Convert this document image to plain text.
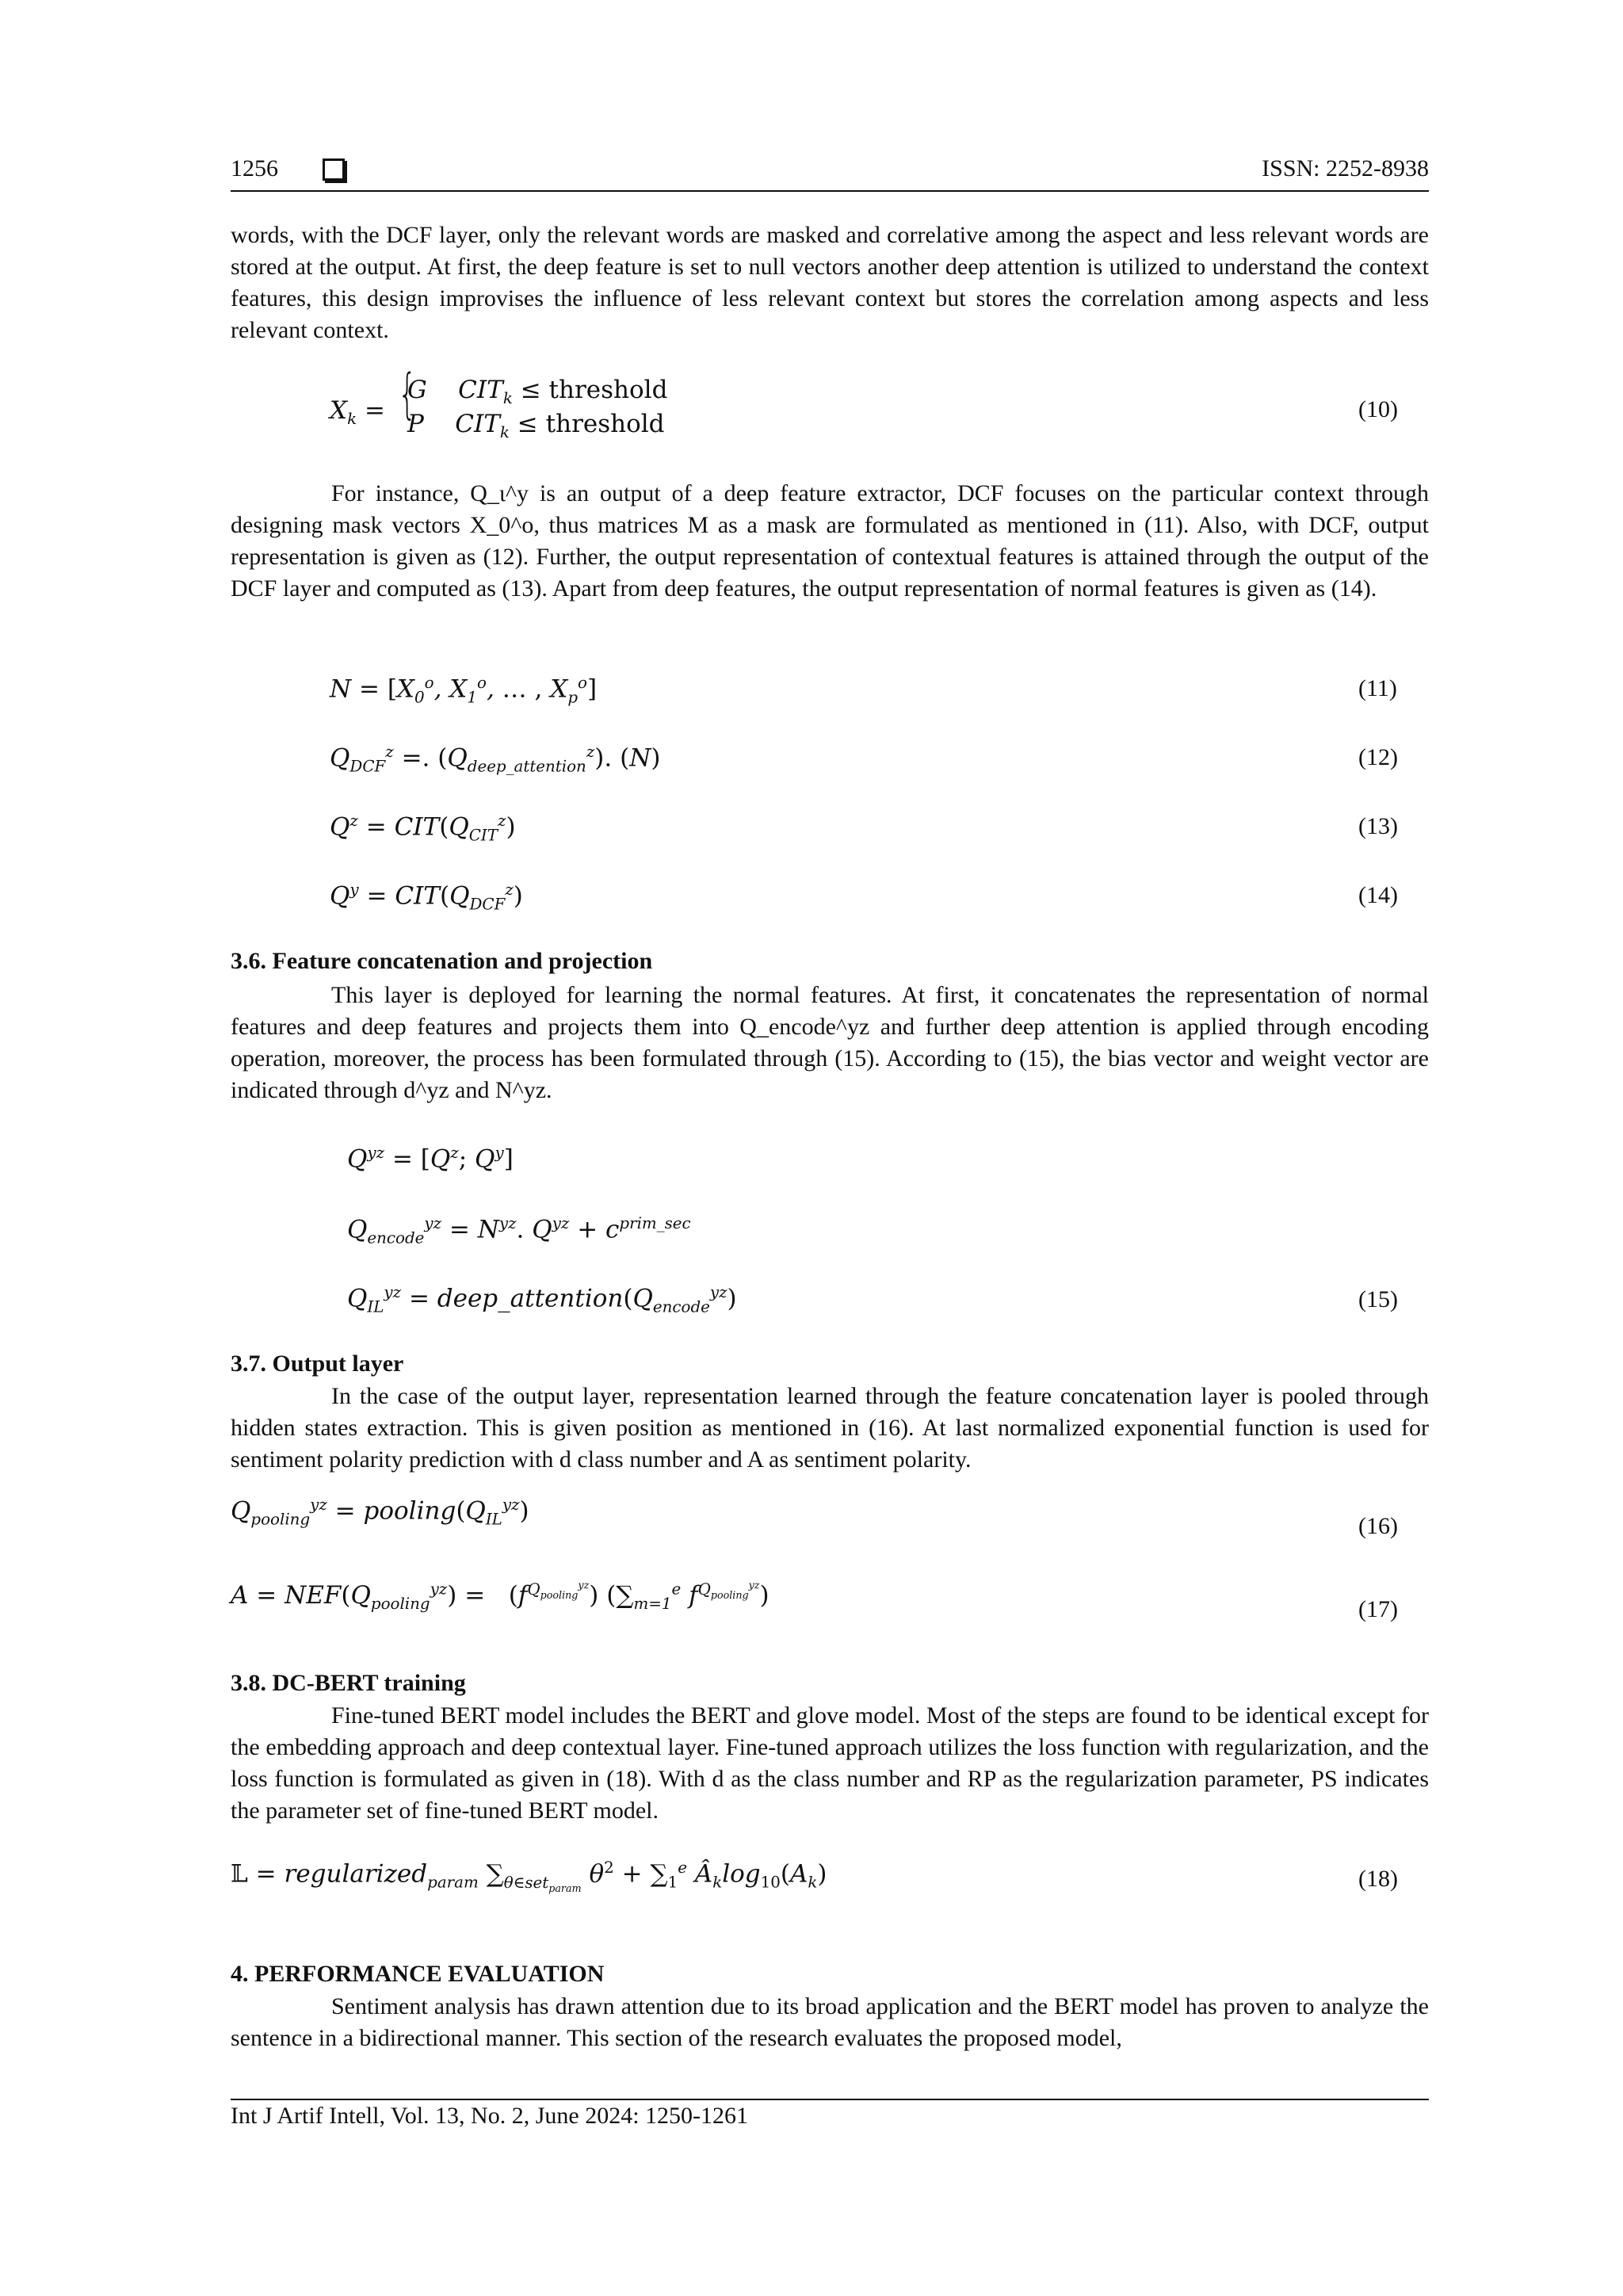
1256	ISSN: 2252-8938

words, with the DCF layer, only the relevant words are masked and correlative among the aspect and less relevant words are stored at the output. At first, the deep feature is set to null vectors another deep attention is utilized to understand the context features, this design improvises the influence of less relevant context but stores the correlation among aspects and less relevant context.

$X_k$ = {
G    $CIT_k$ ≤ threshold
P    $CIT_k$ ≤ threshold
(10)

For instance, Q_ι^y is an output of a deep feature extractor, DCF focuses on the particular context through designing mask vectors X_0^o, thus matrices M as a mask are formulated as mentioned in (11). Also, with DCF, output representation is given as (12). Further, the output representation of contextual features is attained through the output of the DCF layer and computed as (13). Apart from deep features, the output representation of normal features is given as (14).

$N = [X_0^o$, $X_1^o$, … , $X_p^o$]	(11)
$Q_{DCF}^z$ =. $(Q_{deep\_attention}^z)$. (N)	(12)
$Q^z = CIT(Q_{CIT}^z)$	(13)
$Q^y = CIT(Q_{DCF}^z)$	(14)
3.6. Feature concatenation and projection

This layer is deployed for learning the normal features. At first, it concatenates the representation of normal features and deep features and projects them into Q_encode^yz and further deep attention is applied through encoding operation, moreover, the process has been formulated through (15). According to (15), the bias vector and weight vector are indicated through d^yz and N^yz.

$Q^{yz} = [Q^z$; $Q^y$]
$Q_{encode}^{yz} = N^{yz}$. $Q^{yz} + c^{prim\_sec}$
$Q_{IL}^{yz}$ = $deep\_attention(Q_{encode}^{yz})$	(15)
3.7. Output layer

In the case of the output layer, representation learned through the feature concatenation layer is pooled through hidden states extraction. This is given position as mentioned in (16). At last normalized exponential function is used for sentiment polarity prediction with d class number and A as sentiment polarity.

$Q_{pooling}^{yz}$ = $pooling(Q_{IL}^{yz})$
(16)
$A = NEF(Q_{pooling}^{yz}) = (f^{Q_{pooling}^{yz}})$ ($\sum_{m=1}^e$ $f^{Q_{pooling}^{yz}}$)	(17)
3.8. DC-BERT training

Fine-tuned BERT model includes the BERT and glove model. Most of the steps are found to be identical except for the embedding approach and deep contextual layer. Fine-tuned approach utilizes the loss function with regularization, and the loss function is formulated as given in (18). With d as the class number and RP as the regularization parameter, PS indicates the parameter set of fine-tuned BERT model.

𝕃 = regularized$_{param}$ $\sum_{\theta\in set_{param}}$ $\theta^2 + \sum_1^e$ $Â_k\log_{10}(A_k)$	(18)
4. PERFORMANCE EVALUATION

Sentiment analysis has drawn attention due to its broad application and the BERT model has proven to analyze the sentence in a bidirectional manner. This section of the research evaluates the proposed model,

Int J Artif Intell, Vol. 13, No. 2, June 2024: 1250-1261
